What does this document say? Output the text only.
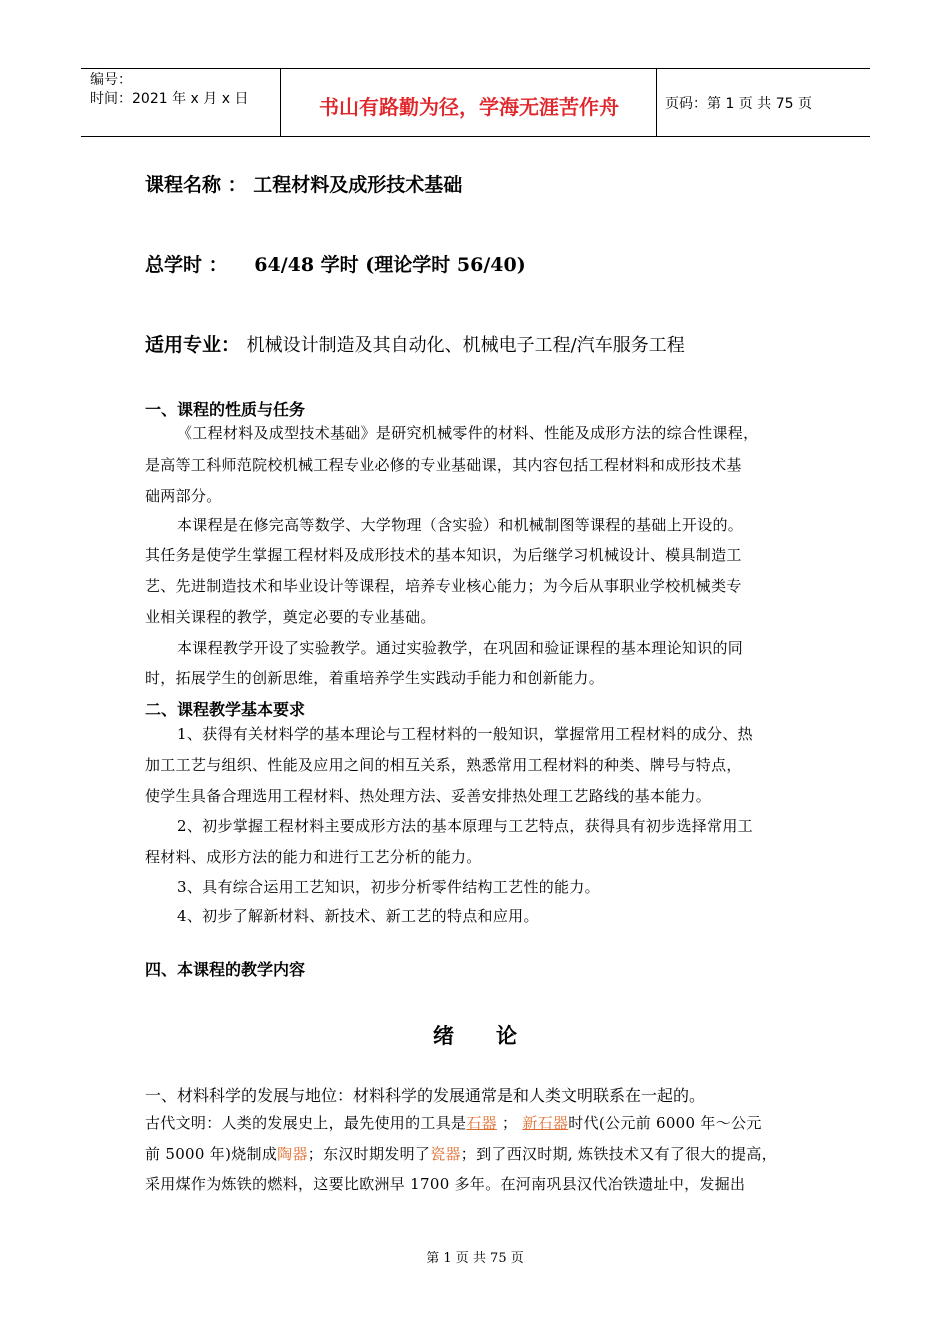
编号：
时间：2021 年 x 月 x 日	书山有路勤为径，学海无涯苦作舟	页码：第 1 页 共 75 页
课程名称 ： 工程材料及成形技术基础
总学时 ： 64/48 学时 (理论学时 56/40)
适用专业： 机械设计制造及其自动化、机械电子工程/汽车服务工程
一、课程的性质与任务
《工程材料及成型技术基础》是研究机械零件的材料、性能及成形方法的综合性课程，
是高等工科师范院校机械工程专业必修的专业基础课，其内容包括工程材料和成形技术基
础两部分。
本课程是在修完高等数学、大学物理（含实验）和机械制图等课程的基础上开设的。
其任务是使学生掌握工程材料及成形技术的基本知识，为后继学习机械设计、模具制造工
艺、先进制造技术和毕业设计等课程，培养专业核心能力；为今后从事职业学校机械类专
业相关课程的教学，奠定必要的专业基础。
本课程教学开设了实验教学。通过实验教学，在巩固和验证课程的基本理论知识的同
时，拓展学生的创新思维，着重培养学生实践动手能力和创新能力。
二、课程教学基本要求
1、获得有关材料学的基本理论与工程材料的一般知识，掌握常用工程材料的成分、热
加工工艺与组织、性能及应用之间的相互关系，熟悉常用工程材料的种类、牌号与特点，
使学生具备合理选用工程材料、热处理方法、妥善安排热处理工艺路线的基本能力。
2、初步掌握工程材料主要成形方法的基本原理与工艺特点，获得具有初步选择常用工
程材料、成形方法的能力和进行工艺分析的能力。
3、具有综合运用工艺知识，初步分析零件结构工艺性的能力。
4、初步了解新材料、新技术、新工艺的特点和应用。
四、本课程的教学内容
绪　　论
一、材料科学的发展与地位：材料科学的发展通常是和人类文明联系在一起的。
古代文明：人类的发展史上，最先使用的工具是石器 ； 新石器时代(公元前 6000 年～公元
前 5000 年)烧制成陶器；东汉时期发明了瓷器；到了西汉时期, 炼铁技术又有了很大的提高，
采用煤作为炼铁的燃料，这要比欧洲早 1700 多年。在河南巩县汉代冶铁遗址中，发掘出
第 1 页 共 75 页
